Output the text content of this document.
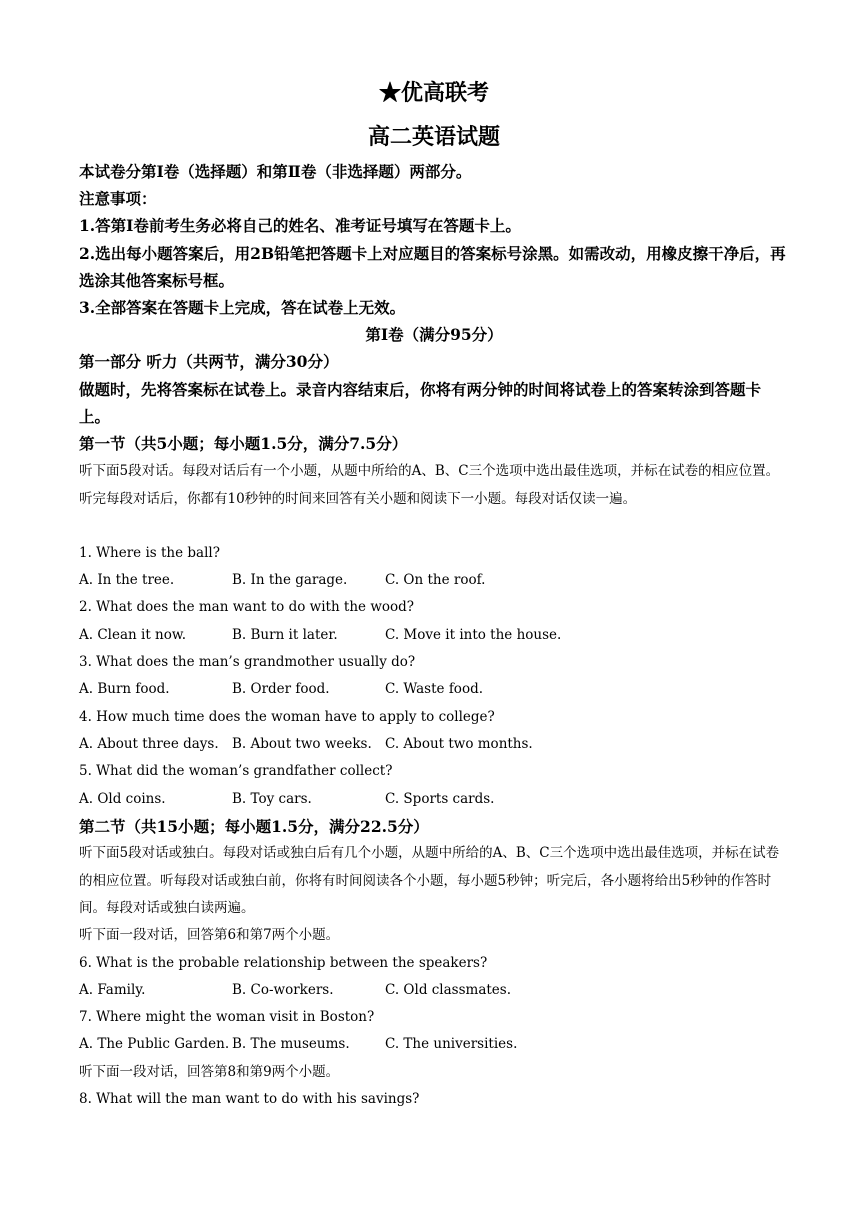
★优高联考
高二英语试题

本试卷分第Ⅰ卷（选择题）和第Ⅱ卷（非选择题）两部分。

注意事项：

1.答第Ⅰ卷前考生务必将自己的姓名、准考证号填写在答题卡上。

2.选出每小题答案后，用2B铅笔把答题卡上对应题目的答案标号涂黑。如需改动，用橡皮擦干净后，再选涂其他答案标号框。

3.全部答案在答题卡上完成，答在试卷上无效。

第Ⅰ卷（满分95分）

第一部分 听力（共两节，满分30分）

做题时，先将答案标在试卷上。录音内容结束后，你将有两分钟的时间将试卷上的答案转涂到答题卡上。

第一节（共5小题；每小题1.5分，满分7.5分）

听下面5段对话。每段对话后有一个小题，从题中所给的A、B、C三个选项中选出最佳选项，并标在试卷的相应位置。听完每段对话后，你都有10秒钟的时间来回答有关小题和阅读下一小题。每段对话仅读一遍。

1. Where is the ball?

A. In the tree.	B. In the garage.	C. On the roof.

2. What does the man want to do with the wood?

A. Clean it now.	B. Burn it later.	C. Move it into the house.

3. What does the man’s grandmother usually do?

A. Burn food.	B. Order food.	C. Waste food.

4. How much time does the woman have to apply to college?

A. About three days. B. About two weeks. C. About two months.

5. What did the woman’s grandfather collect?

A. Old coins.	B. Toy cars.	C. Sports cards.

第二节（共15小题；每小题1.5分，满分22.5分）

听下面5段对话或独白。每段对话或独白后有几个小题，从题中所给的A、B、C三个选项中选出最佳选项，并标在试卷的相应位置。听每段对话或独白前，你将有时间阅读各个小题，每小题5秒钟；听完后，各小题将给出5秒钟的作答时间。每段对话或独白读两遍。

听下面一段对话，回答第6和第7两个小题。

6. What is the probable relationship between the speakers?

A. Family.	B. Co-workers.	C. Old classmates.

7. Where might the woman visit in Boston?

A. The Public Garden. B. The museums.	C. The universities.

听下面一段对话，回答第8和第9两个小题。

8. What will the man want to do with his savings?
